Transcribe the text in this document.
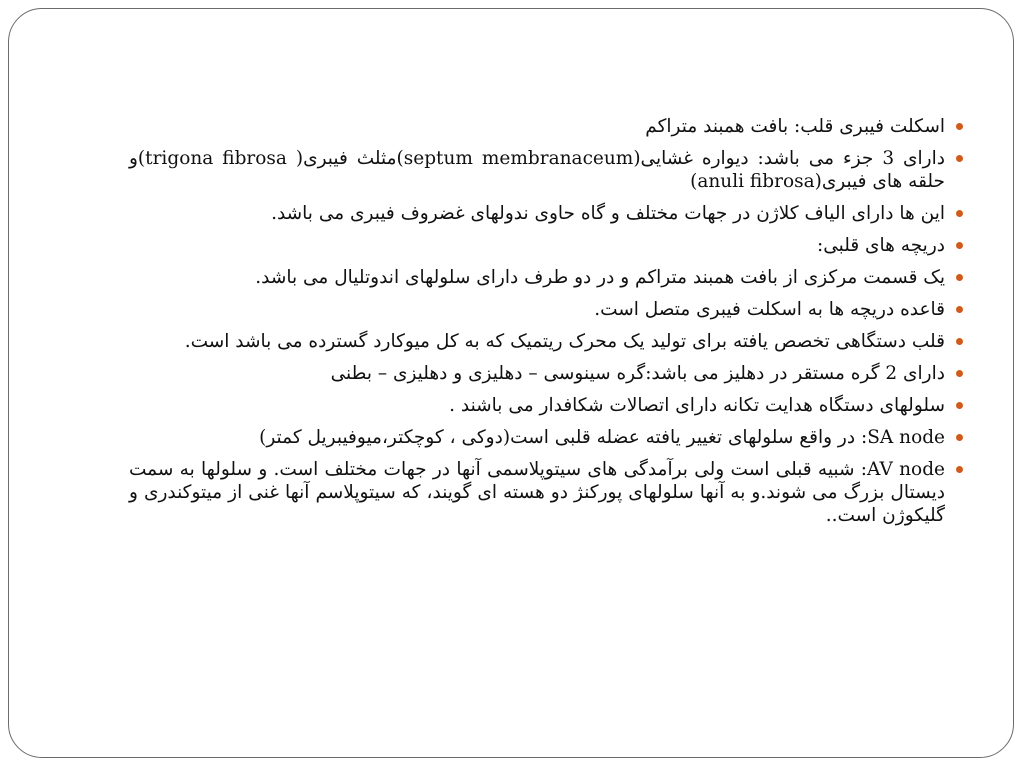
اسکلت فیبری قلب: بافت همبند متراکم
دارای 3 جزء می باشد: دیواره غشایی(septum membranaceum)مثلث فیبری( trigona fibrosa)و حلقه های فیبری(anuli fibrosa)
این ها دارای الیاف کلاژن در جهات مختلف و گاه حاوی ندولهای غضروف فیبری می باشد.
دریچه های قلبی:
یک قسمت مرکزی از بافت همبند متراکم و در دو طرف دارای سلولهای اندوتلیال می باشد.
قاعده دریچه ها به اسکلت فیبری متصل است.
قلب دستگاهی تخصص یافته برای تولید یک محرک ریتمیک که به کل میوکارد گسترده می باشد است.
دارای 2 گره مستقر در دهلیز می باشد:گره سینوسی – دهلیزی و دهلیزی – بطنی
سلولهای دستگاه هدایت تکانه دارای اتصالات شکافدار می باشند .
SA node: در واقع سلولهای تغییر یافته عضله قلبی است(دوکی ، کوچکتر،میوفیبریل کمتر)
AV node: شبیه قبلی است ولی برآمدگی های سیتوپلاسمی آنها در جهات مختلف است. و سلولها به سمت دیستال بزرگ می شوند.و به آنها سلولهای پورکنژ دو هسته ای گویند، که سیتوپلاسم آنها غنی از میتوکندری و گلیکوژن است..
